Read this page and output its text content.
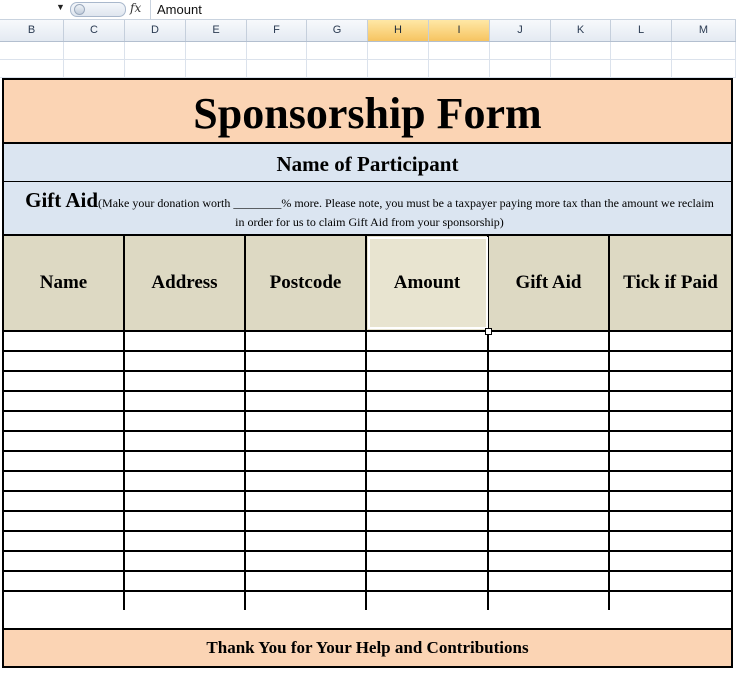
▼	fx Amount
B	C	D	E	F	G	H	I	J	K	L	M
Sponsorship Form
Name of Participant
Gift Aid(Make your donation worth ________% more. Please note, you must be a taxpayer paying more tax than the amount we reclaim in order for us to claim Gift Aid from your sponsorship)
Name	Address	Postcode	Amount	Gift Aid	Tick if Paid
Thank You for Your Help and Contributions
